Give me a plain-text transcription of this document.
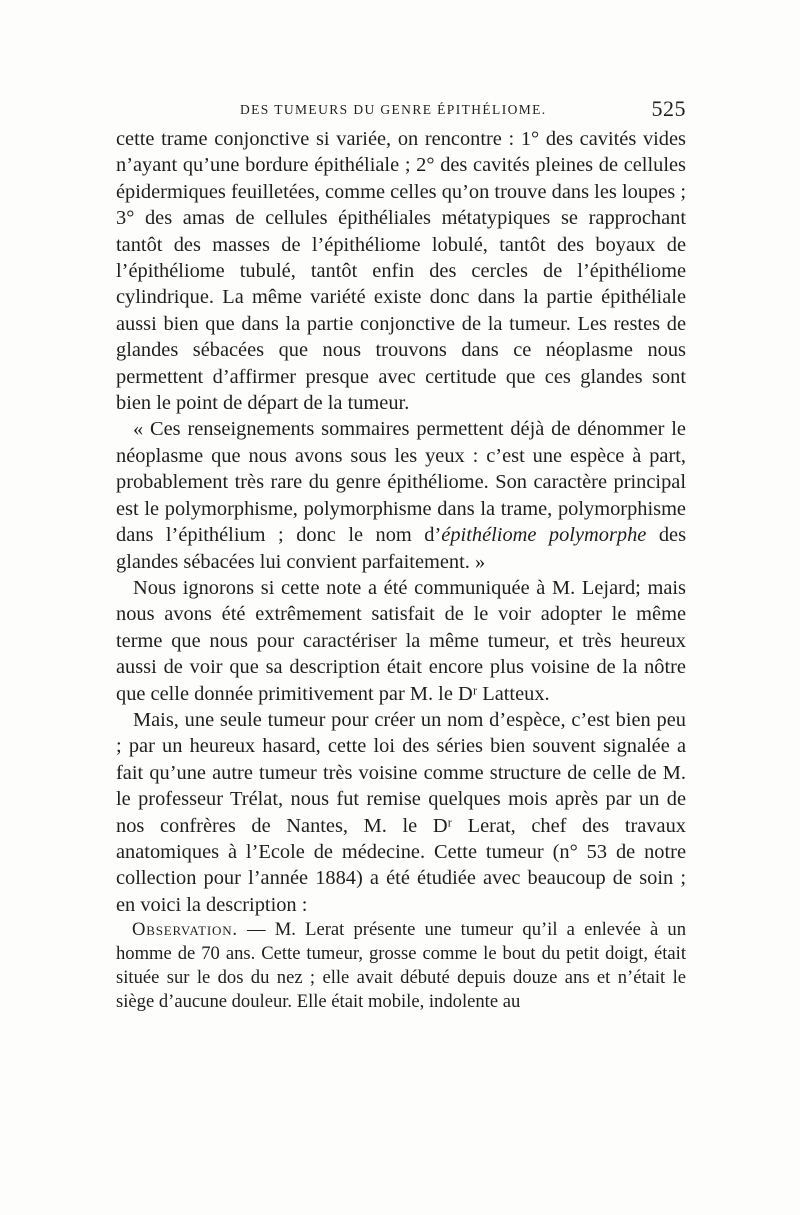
DES TUMEURS DU GENRE ÉPITHÉLIOME.	525

cette trame conjonctive si variée, on rencontre : 1° des cavités vides n’ayant qu’une bordure épithéliale ; 2° des cavités pleines de cellules épidermiques feuilletées, comme celles qu’on trouve dans les loupes ; 3° des amas de cellules épithéliales métatypiques se rapprochant tantôt des masses de l’épithéliome lobulé, tantôt des boyaux de l’épithéliome tubulé, tantôt enfin des cercles de l’épithéliome cylindrique. La même variété existe donc dans la partie épithéliale aussi bien que dans la partie conjonctive de la tumeur. Les restes de glandes sébacées que nous trouvons dans ce néoplasme nous permettent d’affirmer presque avec certitude que ces glandes sont bien le point de départ de la tumeur.

« Ces renseignements sommaires permettent déjà de dénommer le néoplasme que nous avons sous les yeux : c’est une espèce à part, probablement très rare du genre épithéliome. Son caractère principal est le polymorphisme, polymorphisme dans la trame, polymorphisme dans l’épithélium ; donc le nom d’épithéliome polymorphe des glandes sébacées lui convient parfaitement. »

Nous ignorons si cette note a été communiquée à M. Lejard; mais nous avons été extrêmement satisfait de le voir adopter le même terme que nous pour caractériser la même tumeur, et très heureux aussi de voir que sa description était encore plus voisine de la nôtre que celle donnée primitivement par M. le Dʳ Latteux.

Mais, une seule tumeur pour créer un nom d’espèce, c’est bien peu ; par un heureux hasard, cette loi des séries bien souvent signalée a fait qu’une autre tumeur très voisine comme structure de celle de M. le professeur Trélat, nous fut remise quelques mois après par un de nos confrères de Nantes, M. le Dʳ Lerat, chef des travaux anatomiques à l’Ecole de médecine. Cette tumeur (n° 53 de notre collection pour l’année 1884) a été étudiée avec beaucoup de soin ; en voici la description :

Observation. — M. Lerat présente une tumeur qu’il a enlevée à un homme de 70 ans. Cette tumeur, grosse comme le bout du petit doigt, était située sur le dos du nez ; elle avait débuté depuis douze ans et n’était le siège d’aucune douleur. Elle était mobile, indolente au
